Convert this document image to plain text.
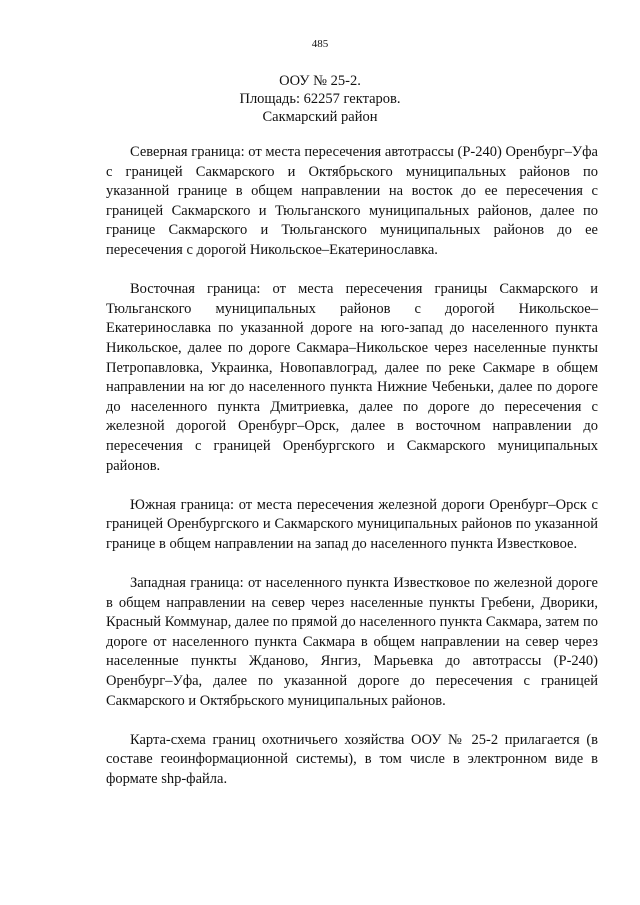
485
ООУ № 25-2.
Площадь: 62257 гектаров.
Сакмарский район

Северная граница: от места пересечения автотрассы (Р-240) Оренбург–Уфа с границей Сакмарского и Октябрьского муниципальных районов по указанной границе в общем направлении на восток до ее пересечения с границей Сакмарского и Тюльганского муниципальных районов, далее по границе Сакмарского и Тюльганского муниципальных районов до ее пересечения с дорогой Никольское–Екатеринославка.

Восточная граница: от места пересечения границы Сакмарского и Тюльганского муниципальных районов с дорогой Никольское–Екатеринославка по указанной дороге на юго-запад до населенного пункта Никольское, далее по дороге Сакмара–Никольское через населенные пункты Петропавловка, Украинка, Новопавлоград, далее по реке Сакмаре в общем направлении на юг до населенного пункта Нижние Чебеньки, далее по дороге до населенного пункта Дмитриевка, далее по дороге до пересечения с железной дорогой Оренбург–Орск, далее в восточном направлении до пересечения с границей Оренбургского и Сакмарского муниципальных районов.

Южная граница: от места пересечения железной дороги Оренбург–Орск с границей Оренбургского и Сакмарского муниципальных районов по указанной границе в общем направлении на запад до населенного пункта Известковое.

Западная граница: от населенного пункта Известковое по железной дороге в общем направлении на север через населенные пункты Гребени, Дворики, Красный Коммунар, далее по прямой до населенного пункта Сакмара, затем по дороге от населенного пункта Сакмара в общем направлении на север через населенные пункты Жданово, Янгиз, Марьевка до автотрассы (Р-240) Оренбург–Уфа, далее по указанной дороге до пересечения с границей Сакмарского и Октябрьского муниципальных районов.

Карта-схема границ охотничьего хозяйства ООУ № 25-2 прилагается (в составе геоинформационной системы), в том числе в электронном виде в формате shp-файла.
